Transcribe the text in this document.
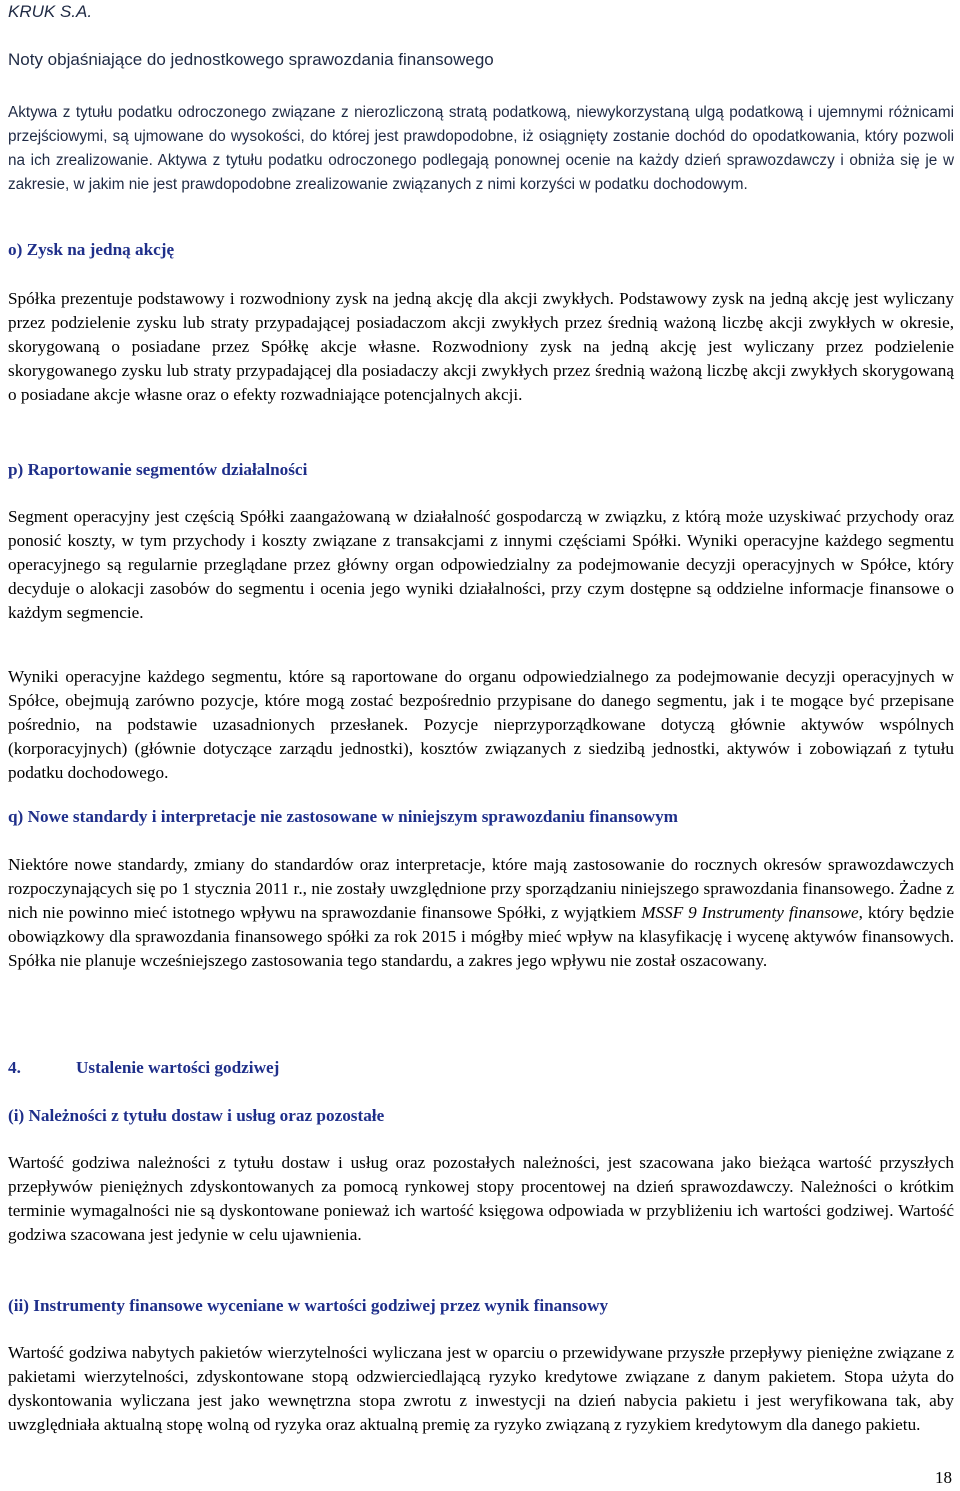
KRUK S.A.
Noty objaśniające do jednostkowego sprawozdania finansowego
Aktywa z tytułu podatku odroczonego związane z nierozliczoną stratą podatkową, niewykorzystaną ulgą podatkową i ujemnymi różnicami przejściowymi, są ujmowane do wysokości, do której jest prawdopodobne, iż osiągnięty zostanie dochód do opodatkowania, który pozwoli na ich zrealizowanie. Aktywa z tytułu podatku odroczonego podlegają ponownej ocenie na każdy dzień sprawozdawczy i obniża się je w zakresie, w jakim nie jest prawdopodobne zrealizowanie związanych z nimi korzyści w podatku dochodowym.
o) Zysk na jedną akcję
Spółka prezentuje podstawowy i rozwodniony zysk na jedną akcję dla akcji zwykłych. Podstawowy zysk na jedną akcję jest wyliczany przez podzielenie zysku lub straty przypadającej posiadaczom akcji zwykłych przez średnią ważoną liczbę akcji zwykłych w okresie, skorygowaną o posiadane przez Spółkę akcje własne. Rozwodniony zysk na jedną akcję jest wyliczany przez podzielenie skorygowanego zysku lub straty przypadającej dla posiadaczy akcji zwykłych przez średnią ważoną liczbę akcji zwykłych skorygowaną o posiadane akcje własne oraz o efekty rozwadniające potencjalnych akcji.
p) Raportowanie segmentów działalności
Segment operacyjny jest częścią Spółki zaangażowaną w działalność gospodarczą w związku, z którą może uzyskiwać przychody oraz ponosić koszty, w tym przychody i koszty związane z transakcjami z innymi częściami Spółki. Wyniki operacyjne każdego segmentu operacyjnego są regularnie przeglądane przez główny organ odpowiedzialny za podejmowanie decyzji operacyjnych w Spółce, który decyduje o alokacji zasobów do segmentu i ocenia jego wyniki działalności, przy czym dostępne są oddzielne informacje finansowe o każdym segmencie.
Wyniki operacyjne każdego segmentu, które są raportowane do organu odpowiedzialnego za podejmowanie decyzji operacyjnych w Spółce, obejmują zarówno pozycje, które mogą zostać bezpośrednio przypisane do danego segmentu, jak i te mogące być przepisane pośrednio, na podstawie uzasadnionych przesłanek. Pozycje nieprzyporządkowane dotyczą głównie aktywów wspólnych (korporacyjnych) (głównie dotyczące zarządu jednostki), kosztów związanych z siedzibą jednostki, aktywów i zobowiązań z tytułu podatku dochodowego.
q) Nowe standardy i interpretacje nie zastosowane w niniejszym sprawozdaniu finansowym
Niektóre nowe standardy, zmiany do standardów oraz interpretacje, które mają zastosowanie do rocznych okresów sprawozdawczych rozpoczynających się po 1 stycznia 2011 r., nie zostały uwzględnione przy sporządzaniu niniejszego sprawozdania finansowego. Żadne z nich nie powinno mieć istotnego wpływu na sprawozdanie finansowe Spółki, z wyjątkiem MSSF 9 Instrumenty finansowe, który będzie obowiązkowy dla sprawozdania finansowego spółki za rok 2015 i mógłby mieć wpływ na klasyfikację i wycenę aktywów finansowych. Spółka nie planuje wcześniejszego zastosowania tego standardu, a zakres jego wpływu nie został oszacowany.
4.	Ustalenie wartości godziwej
(i) Należności z tytułu dostaw i usług oraz pozostałe
Wartość godziwa należności z tytułu dostaw i usług oraz pozostałych należności, jest szacowana jako bieżąca wartość przyszłych przepływów pieniężnych zdyskontowanych za pomocą rynkowej stopy procentowej na dzień sprawozdawczy. Należności o krótkim terminie wymagalności nie są dyskontowane ponieważ ich wartość księgowa odpowiada w przybliżeniu ich wartości godziwej. Wartość godziwa szacowana jest jedynie w celu ujawnienia.
(ii) Instrumenty finansowe wyceniane w wartości godziwej przez wynik finansowy
Wartość godziwa nabytych pakietów wierzytelności wyliczana jest w oparciu o przewidywane przyszłe przepływy pieniężne związane z pakietami wierzytelności, zdyskontowane stopą odzwierciedlającą ryzyko kredytowe związane z danym pakietem. Stopa użyta do dyskontowania wyliczana jest jako wewnętrzna stopa zwrotu z inwestycji na dzień nabycia pakietu i jest weryfikowana tak, aby uwzględniała aktualną stopę wolną od ryzyka oraz aktualną premię za ryzyko związaną z ryzykiem kredytowym dla danego pakietu.
18
